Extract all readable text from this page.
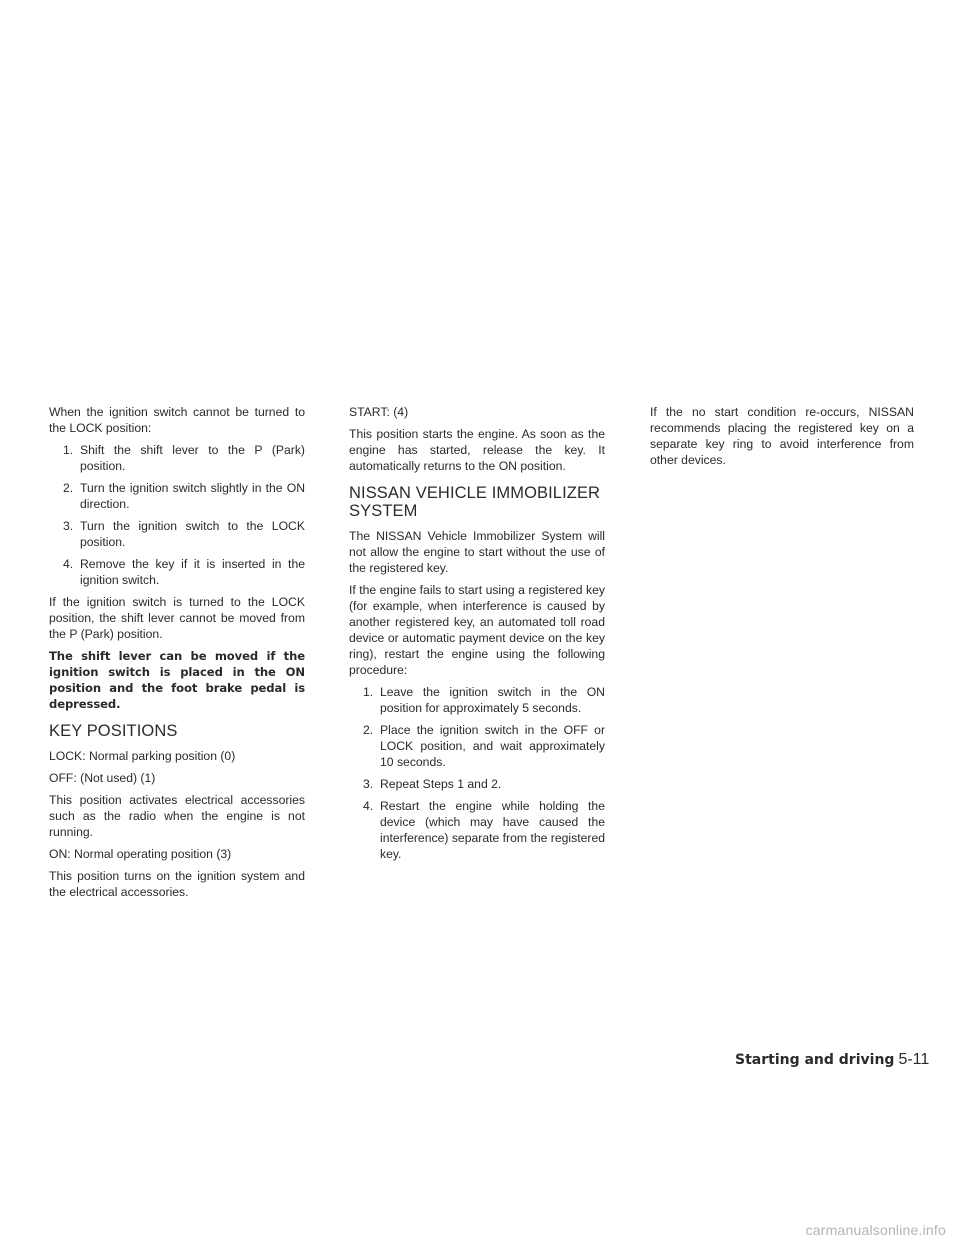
When the ignition switch cannot be turned to the LOCK position:

1. Shift the shift lever to the P (Park) position.
2. Turn the ignition switch slightly in the ON direction.
3. Turn the ignition switch to the LOCK position.
4. Remove the key if it is inserted in the ignition switch.

If the ignition switch is turned to the LOCK position, the shift lever cannot be moved from the P (Park) position.

The shift lever can be moved if the ignition switch is placed in the ON position and the foot brake pedal is depressed.

KEY POSITIONS

LOCK: Normal parking position (0)

OFF: (Not used) (1)

This position activates electrical accessories such as the radio when the engine is not running.

ON: Normal operating position (3)

This position turns on the ignition system and the electrical accessories.

START: (4)

This position starts the engine. As soon as the engine has started, release the key. It automatically returns to the ON position.

NISSAN VEHICLE IMMOBILIZER SYSTEM

The NISSAN Vehicle Immobilizer System will not allow the engine to start without the use of the registered key.

If the engine fails to start using a registered key (for example, when interference is caused by another registered key, an automated toll road device or automatic payment device on the key ring), restart the engine using the following procedure:

1. Leave the ignition switch in the ON position for approximately 5 seconds.
2. Place the ignition switch in the OFF or LOCK position, and wait approximately 10 seconds.
3. Repeat Steps 1 and 2.
4. Restart the engine while holding the device (which may have caused the interference) separate from the registered key.

If the no start condition re-occurs, NISSAN recommends placing the registered key on a separate key ring to avoid interference from other devices.

Starting and driving 5-11
carmanualsonline.info
